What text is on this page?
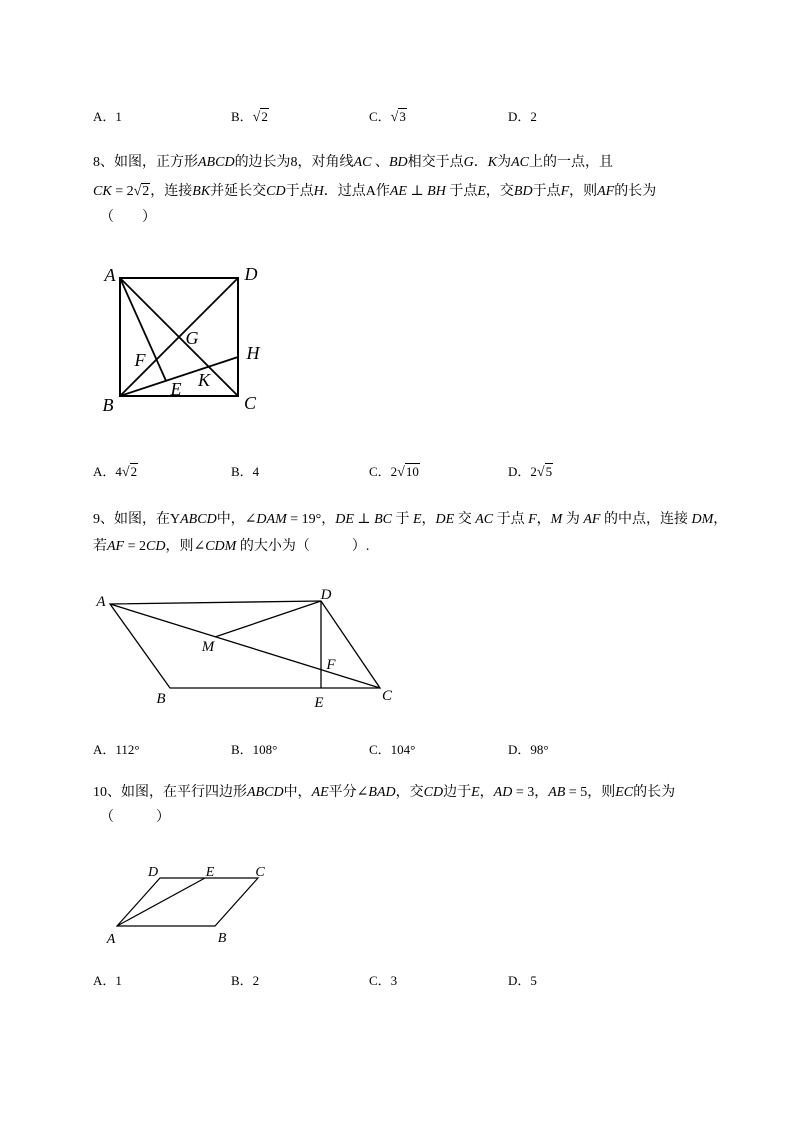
A．1	B．√2	C．√3	D．2
8、如图，正方形ABCD的边长为8，对角线AC 、BD相交于点G．K为AC上的一点，且
CK = 2√2，连接BK并延长交CD于点H．过点A作AE ⊥ BH 于点E，交BD于点F，则AF的长为
（　　）
A	D
H
G
F
E K
B	C
A．4√2	B．4	C．2√10	D．2√5
9、如图，在YABCD中，∠DAM = 19°，DE ⊥ BC 于 E，DE 交 AC 于点 F，M 为 AF 的中点，连接 DM，
若AF = 2CD，则∠CDM 的大小为（　　　）.
A	D
M
F
B	E	C
A．112°	B．108°	C．104°	D．98°
10、如图，在平行四边形ABCD中，AE平分∠BAD，交CD边于E，AD = 3，AB = 5，则EC的长为
（　　　）
D	E	C
A	B
A．1	B．2	C．3	D．5
